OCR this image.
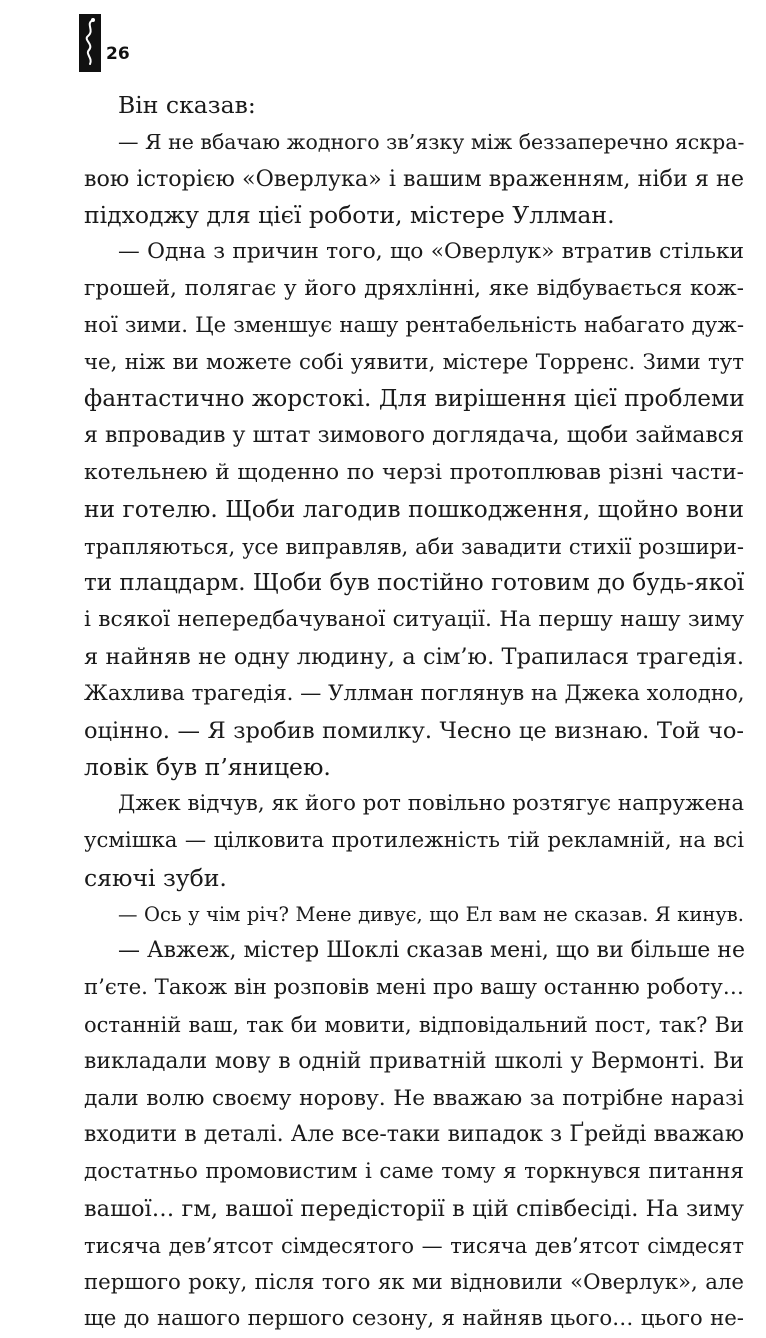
26
Він сказав:
— Я не вбачаю жодного зв’язку між беззаперечно яскра-
вою історією «Оверлука» і вашим враженням, ніби я не
підходжу для цієї роботи, містере Уллман.
— Одна з причин того, що «Оверлук» втратив стільки
грошей, полягає у його дряхлінні, яке відбувається кож-
ної зими. Це зменшує нашу рентабельність набагато дуж-
че, ніж ви можете собі уявити, містере Торренс. Зими тут
фантастично жорстокі. Для вирішення цієї проблеми
я впровадив у штат зимового доглядача, щоби займався
котельнею й щоденно по черзі протоплював різні части-
ни готелю. Щоби лагодив пошкодження, щойно вони
трапляються, усе виправляв, аби завадити стихії розшири-
ти плацдарм. Щоби був постійно готовим до будь-якої
і всякої непередбачуваної ситуації. На першу нашу зиму
я найняв не одну людину, а сім’ю. Трапилася трагедія.
Жахлива трагедія. — Уллман поглянув на Джека холодно,
оцінно. — Я зробив помилку. Чесно це визнаю. Той чо-
ловік був п’яницею.
Джек відчув, як його рот повільно розтягує напружена
усмішка — цілковита протилежність тій рекламній, на всі
сяючі зуби.
— Ось у чім річ? Мене дивує, що Ел вам не сказав. Я кинув.
— Авжеж, містер Шоклі сказав мені, що ви більше не
п’єте. Також він розповів мені про вашу останню роботу…
останній ваш, так би мовити, відповідальний пост, так? Ви
викладали мову в одній приватній школі у Вермонті. Ви
дали волю своєму норову. Не вважаю за потрібне наразі
входити в деталі. Але все-таки випадок з Ґрейді вважаю
достатньо промовистим і саме тому я торкнувся питання
вашої… гм, вашої передісторії в цій співбесіді. На зиму
тисяча дев’ятсот сімдесятого — тисяча дев’ятсот сімдесят
першого року, після того як ми відновили «Оверлук», але
ще до нашого першого сезону, я найняв цього… цього не-
